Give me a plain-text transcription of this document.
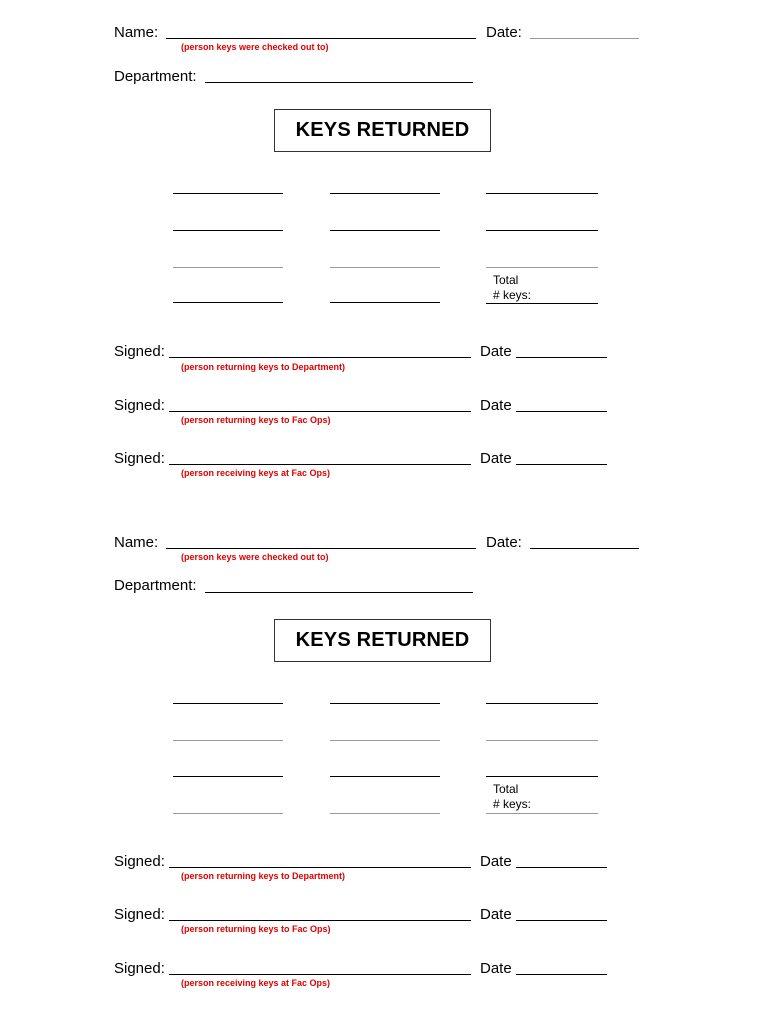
Name:
(person keys were checked out to)
Date:
Department:
KEYS RETURNED
Total
# keys:
Signed:	Date
(person returning keys to Department)
Signed:	Date
(person returning keys to Fac Ops)
Signed:	Date
(person receiving keys at Fac Ops)
Name:
(person keys were checked out to)
Date:
Department:
KEYS RETURNED
Total
# keys:
Signed:	Date
(person returning keys to Department)
Signed:	Date
(person returning keys to Fac Ops)
Signed:	Date
(person receiving keys at Fac Ops)
